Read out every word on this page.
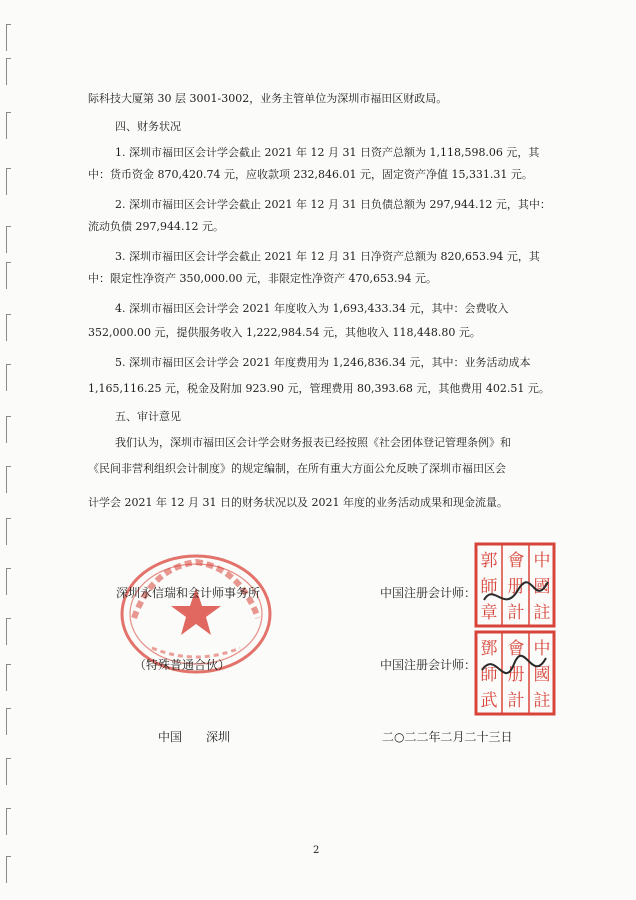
际科技大厦第 30 层 3001-3002，业务主管单位为深圳市福田区财政局。
四、财务状况
1. 深圳市福田区会计学会截止 2021 年 12 月 31 日资产总额为 1,118,598.06 元，其
中：货币资金 870,420.74 元，应收款项 232,846.01 元，固定资产净值 15,331.31 元。
2. 深圳市福田区会计学会截止 2021 年 12 月 31 日负债总额为 297,944.12 元，其中：
流动负债 297,944.12 元。
3. 深圳市福田区会计学会截止 2021 年 12 月 31 日净资产总额为 820,653.94 元，其
中：限定性净资产 350,000.00 元，非限定性净资产 470,653.94 元。
4. 深圳市福田区会计学会 2021 年度收入为 1,693,433.34 元，其中：会费收入
352,000.00 元，提供服务收入 1,222,984.54 元，其他收入 118,448.80 元。
5. 深圳市福田区会计学会 2021 年度费用为 1,246,836.34 元，其中：业务活动成本
1,165,116.25 元，税金及附加 923.90 元，管理费用 80,393.68 元，其他费用 402.51 元。
五、审计意见
我们认为，深圳市福田区会计学会财务报表已经按照《社会团体登记管理条例》和
《民间非营利组织会计制度》的规定编制，在所有重大方面公允反映了深圳市福田区会
计学会 2021 年 12 月 31 日的财务状况以及 2021 年度的业务活动成果和现金流量。
深圳永信瑞和会计师事务所
（特殊普通合伙）
中国　　深圳
中国注册会计师：
中国注册会计师：
二○二二年二月二十三日
中
國
郭 會
註
册
章 計
師
中
國
鄧 會
註
册
武 計
師
2
